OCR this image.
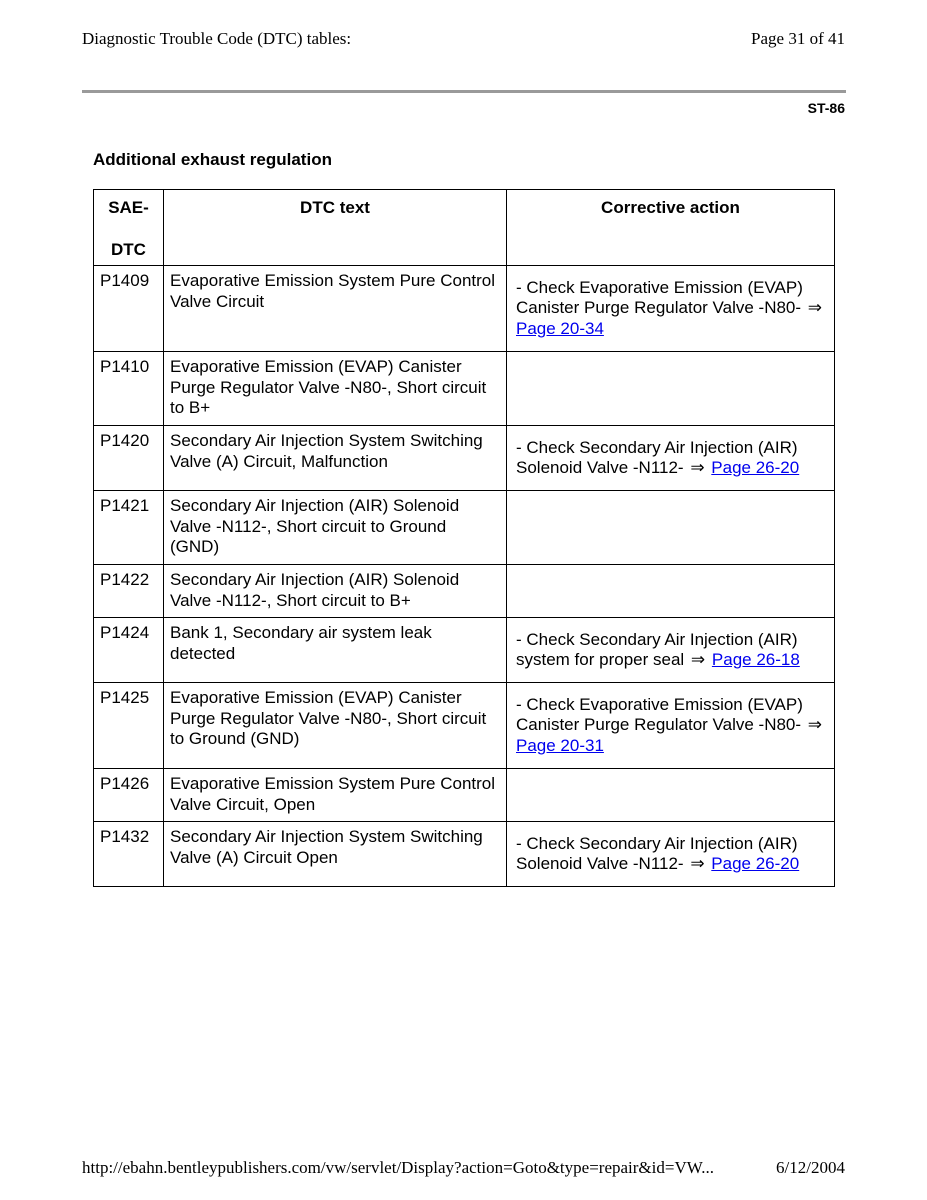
Diagnostic Trouble Code (DTC) tables:	Page 31 of 41
ST-86
Additional exhaust regulation
SAE-
DTC	DTC text	Corrective action
P1409	Evaporative Emission System Pure Control Valve Circuit	- Check Evaporative Emission (EVAP) Canister Purge Regulator Valve -N80- ⇒ Page 20-34
P1410	Evaporative Emission (EVAP) Canister Purge Regulator Valve -N80-, Short circuit to B+	
P1420	Secondary Air Injection System Switching Valve (A) Circuit, Malfunction	- Check Secondary Air Injection (AIR) Solenoid Valve -N112- ⇒ Page 26-20
P1421	Secondary Air Injection (AIR) Solenoid Valve -N112-, Short circuit to Ground (GND)	
P1422	Secondary Air Injection (AIR) Solenoid Valve -N112-, Short circuit to B+	
P1424	Bank 1, Secondary air system leak detected	- Check Secondary Air Injection (AIR) system for proper seal ⇒ Page 26-18
P1425	Evaporative Emission (EVAP) Canister Purge Regulator Valve -N80-, Short circuit to Ground (GND)	- Check Evaporative Emission (EVAP) Canister Purge Regulator Valve -N80- ⇒ Page 20-31
P1426	Evaporative Emission System Pure Control Valve Circuit, Open	
P1432	Secondary Air Injection System Switching Valve (A) Circuit Open	- Check Secondary Air Injection (AIR) Solenoid Valve -N112- ⇒ Page 26-20
http://ebahn.bentleypublishers.com/vw/servlet/Display?action=Goto&type=repair&id=VW...	6/12/2004
